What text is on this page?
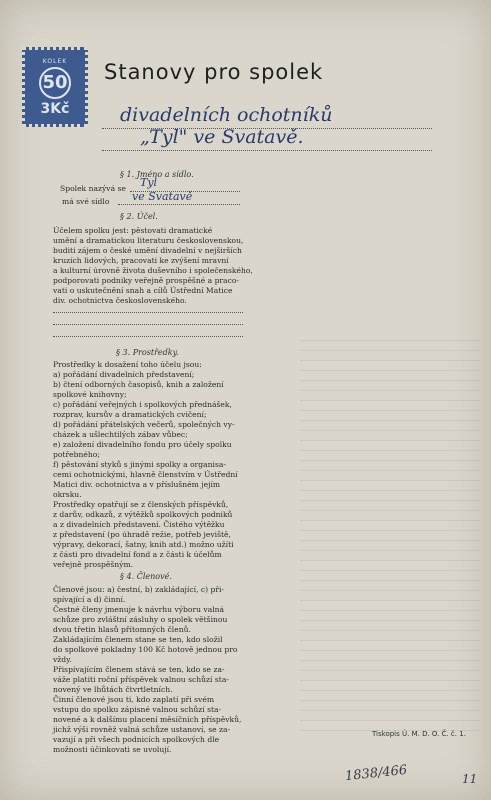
KOLEK
50
3Kč
Stanovy pro spolek
divadelních ochotníků
„Tyl" ve Svatavě.
§ 1. Jméno a sídlo.
Spolek nazývá se Tyl
má své sídlo ve Svatavě
§ 2. Účel.
Účelem spolku jest: pěstovati dramatické
umění a dramatickou literaturu československou,
buditi zájem o české umění divadelní v nejširších
kruzích lidových, pracovati ke zvýšení mravní
a kulturní úrovně života duševního i společenského,
podporovati podniky veřejně prospěšné a praco-
vati o uskutečnění snah a cílů Ústřední Matice
div. ochotnictva československého.
§ 3. Prostředky.
Prostředky k dosažení toho účelu jsou:
a) pořádání divadelních představení;
b) čtení odborných časopisů, knih a založení
spolkové knihovny;
c) pořádání veřejných i spolkových přednášek,
rozprav, kursův a dramatických cvičení;
d) pořádání přátelských večerů, společných vy-
cházek a ušlechtilých zábav vůbec;
e) založení divadelního fondu pro účely spolku
potřebného;
f) pěstování styků s jinými spolky a organisa-
cemi ochotnickými, hlavně členstvím v Ústřední
Matici div. ochotnictva a v příslušném jejím
okrsku.
Prostředky opatřují se z členských příspěvků,
z darův, odkazů, z výtěžků spolkových podniků
a z divadelních představení. Čistého výtěžku
z představení (po úhradě režie, potřeb jeviště,
výpravy, dekorací, šatny, knih atd.) možno užíti
z části pro divadelní fond a z části k účelům
veřejně prospěšným.
§ 4. Členové.
Členové jsou: a) čestní, b) zakládající, c) při-
spívající a d) činní.
Čestné členy jmenuje k návrhu výboru valná
schůze pro zvláštní zásluhy o spolek většinou
dvou třetin hlasů přítomných členů.
Zakládajícím členem stane se ten, kdo složil
do spolkové pokladny 100 Kč hotově jednou pro
vždy.
Přispívajícím členem stává se ten, kdo se za-
váže platiti roční příspěvek valnou schůzí sta-
novený ve lhůtách čtvrtletních.
Činní členové jsou ti, kdo zaplatí při svém
vstupu do spolku zápisné valnou schůzí sta-
novené a k dalšímu placení měsíčních příspěvků,
jichž výši rovněž valná schůze ustanoví, se za-
vazují a při všech podnicích spolkových dle
možnosti účinkovati se uvolují.
Tiskopis Ú. M. D. O. Č. č. 1.
1838/466	11
